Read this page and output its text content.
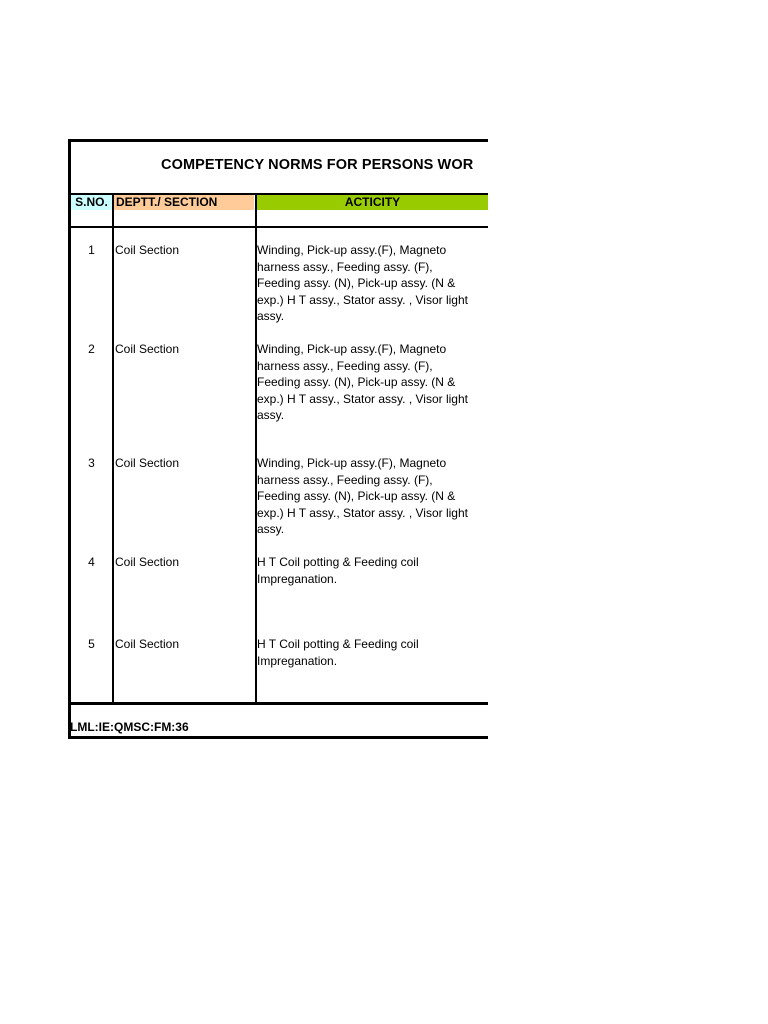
COMPETENCY NORMS FOR PERSONS WOR
S.NO. DEPTT./ SECTION	ACTICITY
1	Coil Section	Winding, Pick-up assy.(F), Magneto harness assy., Feeding assy. (F), Feeding assy. (N), Pick-up assy. (N & exp.) H T assy., Stator assy. , Visor light assy.
2	Coil Section	Winding, Pick-up assy.(F), Magneto harness assy., Feeding assy. (F), Feeding assy. (N), Pick-up assy. (N & exp.) H T assy., Stator assy. , Visor light assy.
3	Coil Section	Winding, Pick-up assy.(F), Magneto harness assy., Feeding assy. (F), Feeding assy. (N), Pick-up assy. (N & exp.) H T assy., Stator assy. , Visor light assy.
4	Coil Section	H T Coil potting & Feeding coil Impreganation.
5	Coil Section	H T Coil potting & Feeding coil Impreganation.
LML:IE:QMSC:FM:36
